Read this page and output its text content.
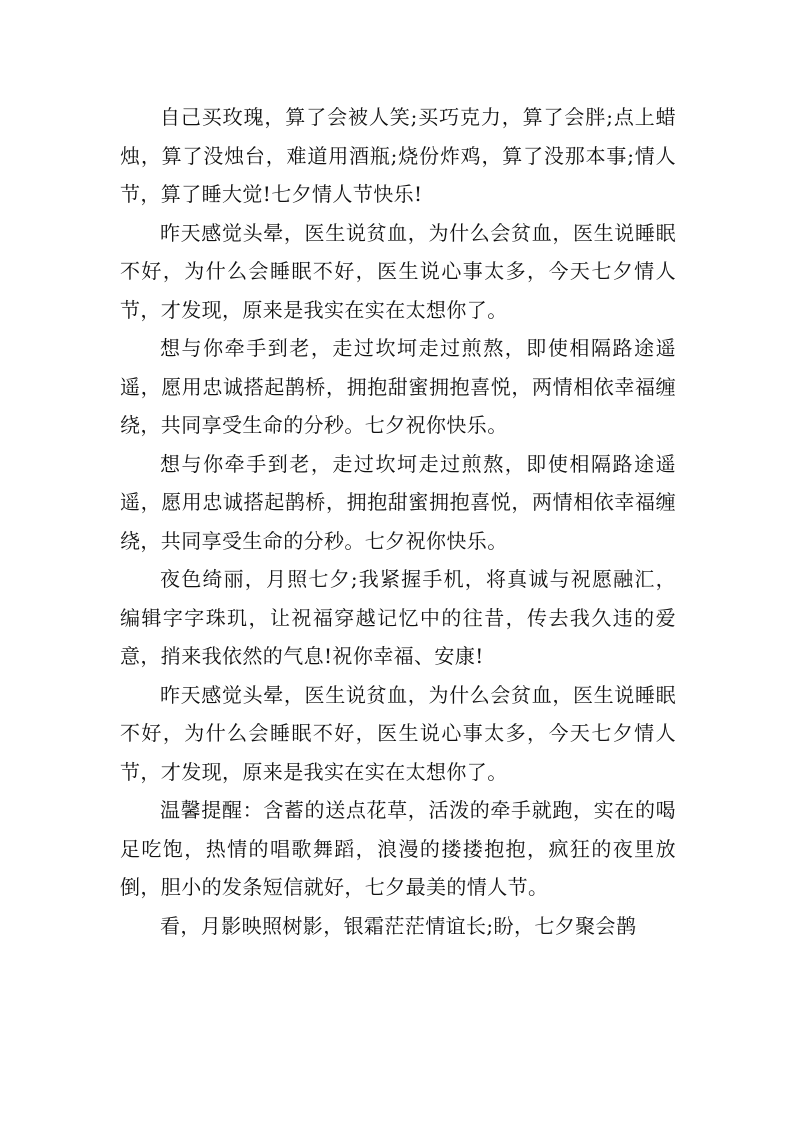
自己买玫瑰，算了会被人笑;买巧克力，算了会胖;点上蜡烛，算了没烛台，难道用酒瓶;烧份炸鸡，算了没那本事;情人节，算了睡大觉!七夕情人节快乐!

昨天感觉头晕，医生说贫血，为什么会贫血，医生说睡眠不好，为什么会睡眠不好，医生说心事太多，今天七夕情人节，才发现，原来是我实在实在太想你了。

想与你牵手到老，走过坎坷走过煎熬，即使相隔路途遥遥，愿用忠诚搭起鹊桥，拥抱甜蜜拥抱喜悦，两情相依幸福缠绕，共同享受生命的分秒。七夕祝你快乐。

想与你牵手到老，走过坎坷走过煎熬，即使相隔路途遥遥，愿用忠诚搭起鹊桥，拥抱甜蜜拥抱喜悦，两情相依幸福缠绕，共同享受生命的分秒。七夕祝你快乐。

夜色绮丽，月照七夕;我紧握手机，将真诚与祝愿融汇，编辑字字珠玑，让祝福穿越记忆中的往昔，传去我久违的爱意，捎来我依然的气息!祝你幸福、安康!

昨天感觉头晕，医生说贫血，为什么会贫血，医生说睡眠不好，为什么会睡眠不好，医生说心事太多，今天七夕情人节，才发现，原来是我实在实在太想你了。

温馨提醒：含蓄的送点花草，活泼的牵手就跑，实在的喝足吃饱，热情的唱歌舞蹈，浪漫的搂搂抱抱，疯狂的夜里放倒，胆小的发条短信就好，七夕最美的情人节。

看，月影映照树影，银霜茫茫情谊长;盼，七夕聚会鹊
